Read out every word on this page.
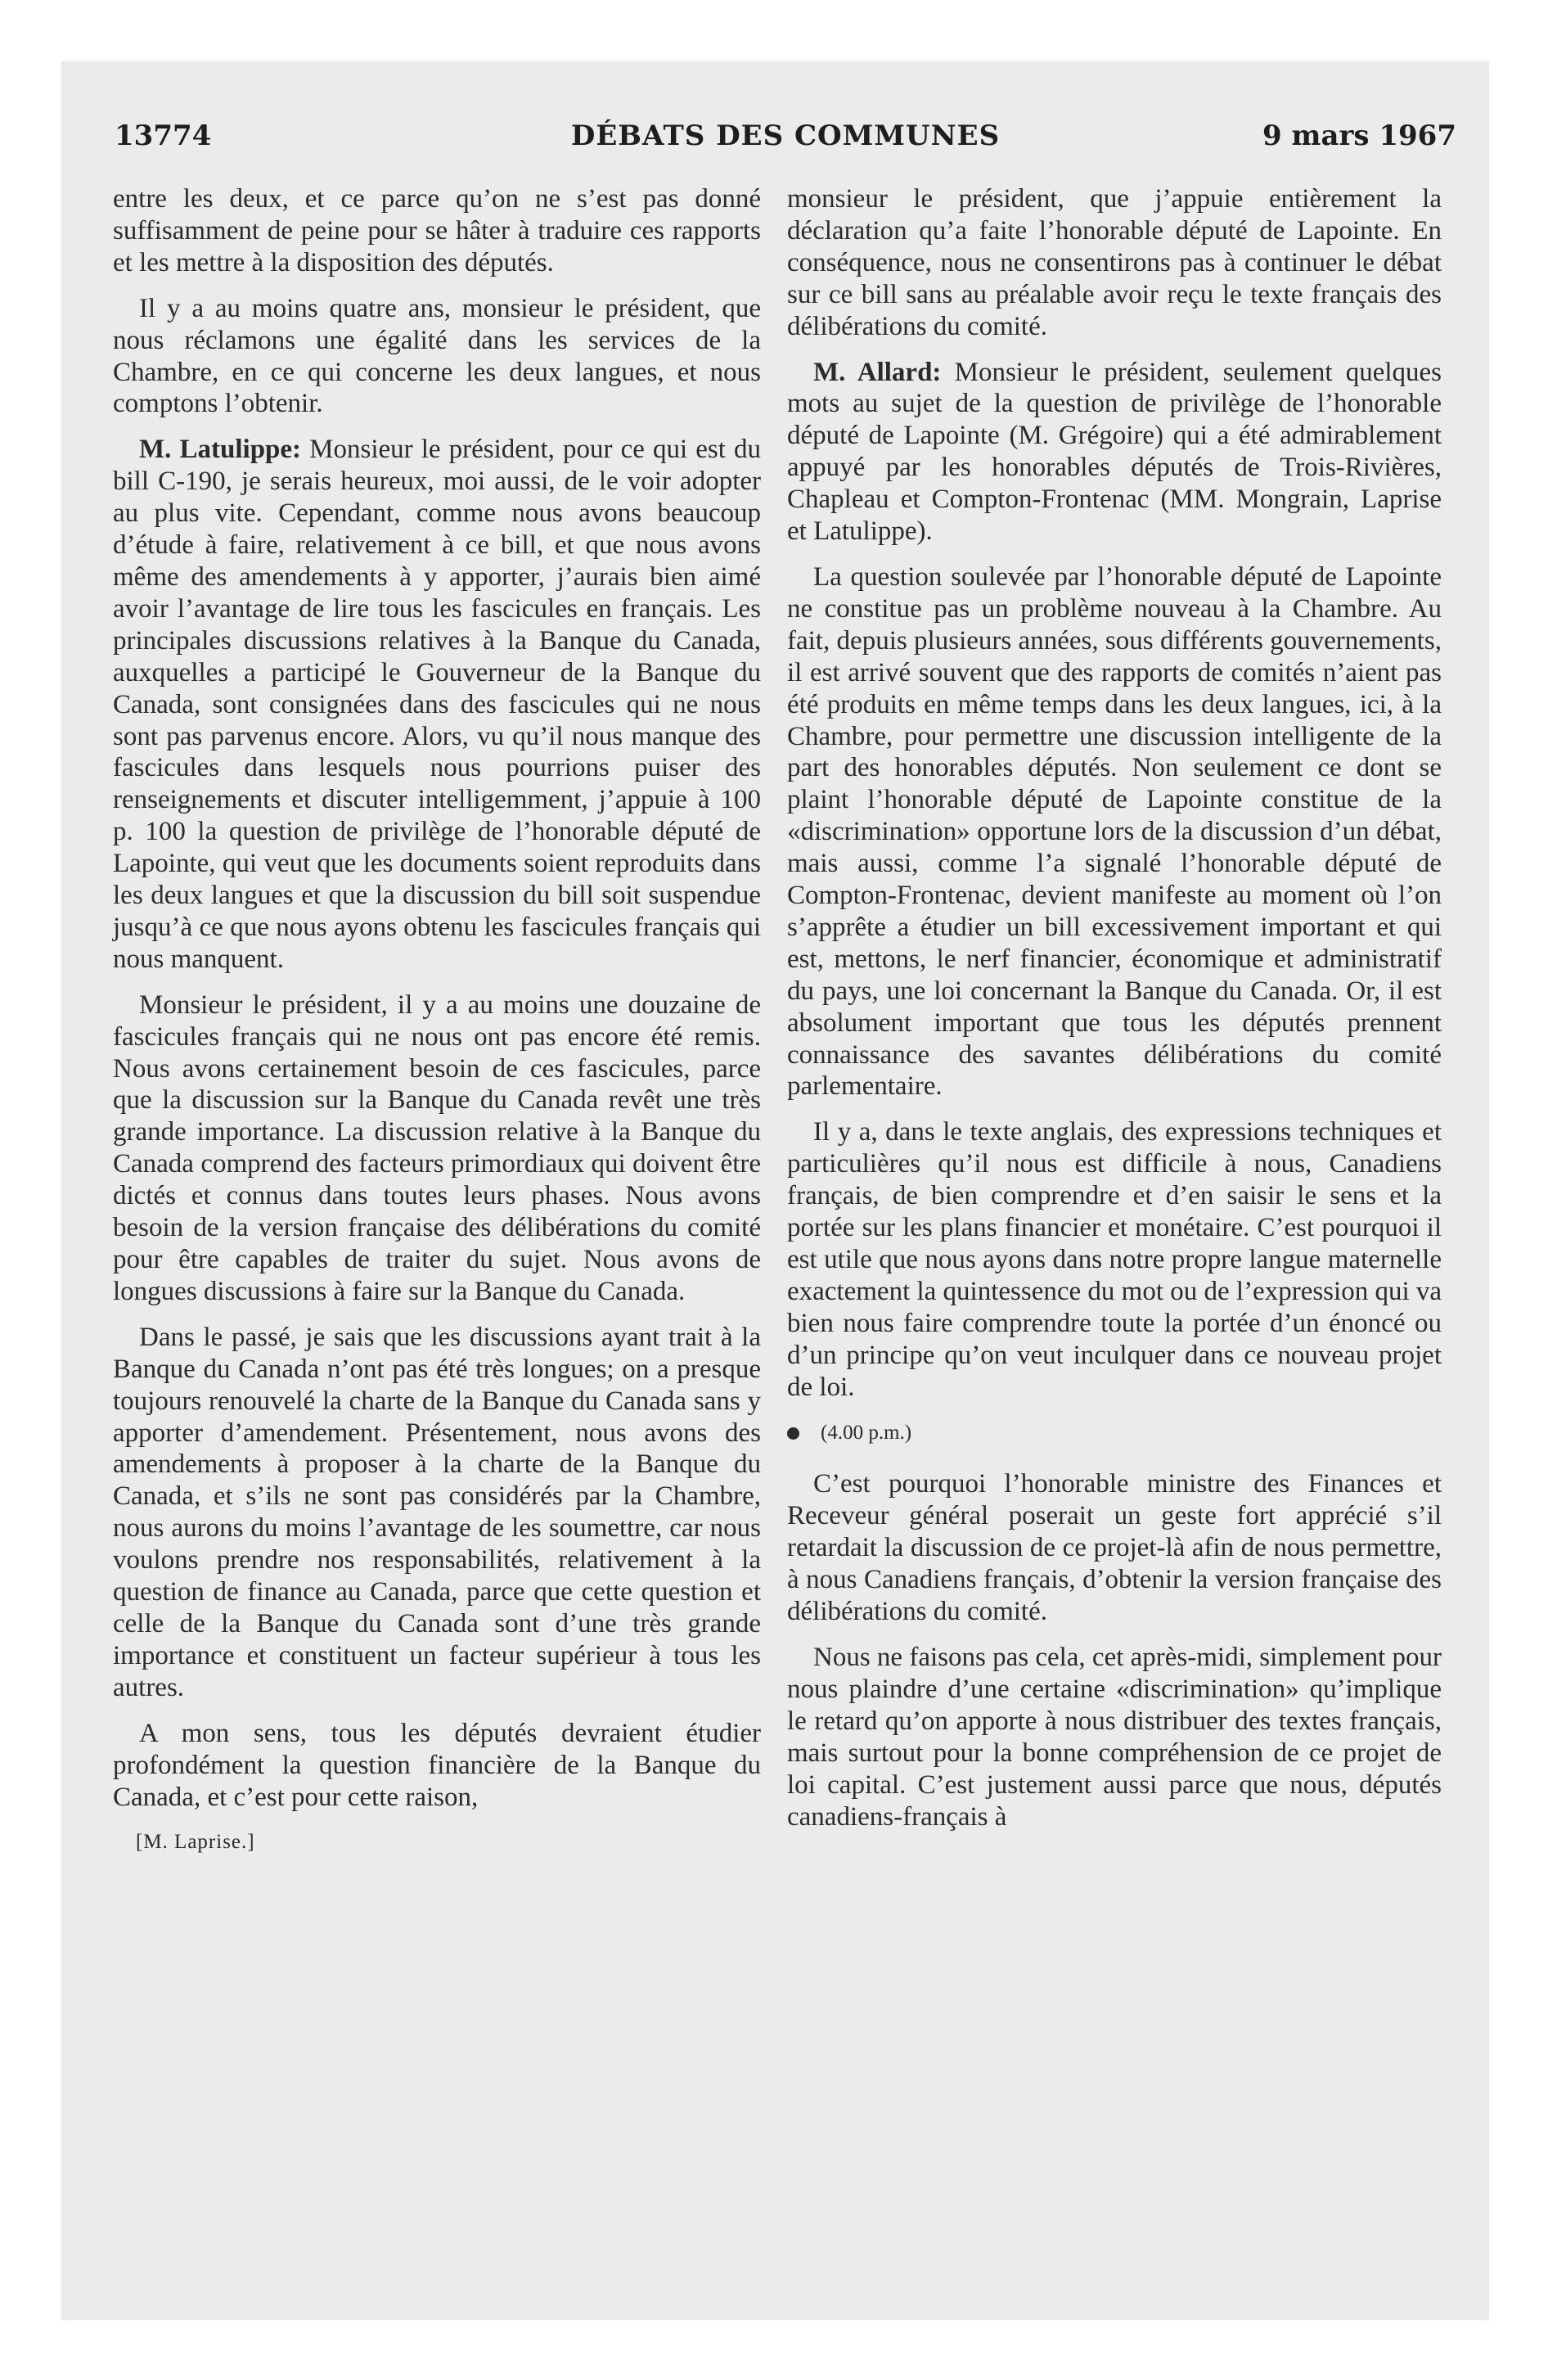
13774	DÉBATS DES COMMUNES	9 mars 1967

entre les deux, et ce parce qu’on ne s’est pas donné suffisamment de peine pour se hâter à traduire ces rapports et les mettre à la disposition des députés.

Il y a au moins quatre ans, monsieur le président, que nous réclamons une égalité dans les services de la Chambre, en ce qui concerne les deux langues, et nous comptons l’obtenir.

M. Latulippe: Monsieur le président, pour ce qui est du bill C-190, je serais heureux, moi aussi, de le voir adopter au plus vite. Cependant, comme nous avons beaucoup d’étude à faire, relativement à ce bill, et que nous avons même des amendements à y apporter, j’aurais bien aimé avoir l’avantage de lire tous les fascicules en français. Les principales discussions relatives à la Banque du Canada, auxquelles a participé le Gouverneur de la Banque du Canada, sont consignées dans des fascicules qui ne nous sont pas parvenus encore. Alors, vu qu’il nous manque des fascicules dans lesquels nous pourrions puiser des renseignements et discuter intelligemment, j’appuie à 100 p. 100 la question de privilège de l’honorable député de Lapointe, qui veut que les documents soient reproduits dans les deux langues et que la discussion du bill soit suspendue jusqu’à ce que nous ayons obtenu les fascicules français qui nous manquent.

Monsieur le président, il y a au moins une douzaine de fascicules français qui ne nous ont pas encore été remis. Nous avons certainement besoin de ces fascicules, parce que la discussion sur la Banque du Canada revêt une très grande importance. La discussion relative à la Banque du Canada comprend des facteurs primordiaux qui doivent être dictés et connus dans toutes leurs phases. Nous avons besoin de la version française des délibérations du comité pour être capables de traiter du sujet. Nous avons de longues discussions à faire sur la Banque du Canada.

Dans le passé, je sais que les discussions ayant trait à la Banque du Canada n’ont pas été très longues; on a presque toujours renouvelé la charte de la Banque du Canada sans y apporter d’amendement. Présentement, nous avons des amendements à proposer à la charte de la Banque du Canada, et s’ils ne sont pas considérés par la Chambre, nous aurons du moins l’avantage de les soumettre, car nous voulons prendre nos responsabilités, relativement à la question de finance au Canada, parce que cette question et celle de la Banque du Canada sont d’une très grande importance et constituent un facteur supérieur à tous les autres.

A mon sens, tous les députés devraient étudier profondément la question financière de la Banque du Canada, et c’est pour cette raison,

[M. Laprise.]

monsieur le président, que j’appuie entièrement la déclaration qu’a faite l’honorable député de Lapointe. En conséquence, nous ne consentirons pas à continuer le débat sur ce bill sans au préalable avoir reçu le texte français des délibérations du comité.

M. Allard: Monsieur le président, seulement quelques mots au sujet de la question de privilège de l’honorable député de Lapointe (M. Grégoire) qui a été admirablement appuyé par les honorables députés de Trois-Rivières, Chapleau et Compton-Frontenac (MM. Mongrain, Laprise et Latulippe).

La question soulevée par l’honorable député de Lapointe ne constitue pas un problème nouveau à la Chambre. Au fait, depuis plusieurs années, sous différents gouvernements, il est arrivé souvent que des rapports de comités n’aient pas été produits en même temps dans les deux langues, ici, à la Chambre, pour permettre une discussion intelligente de la part des honorables députés. Non seulement ce dont se plaint l’honorable député de Lapointe constitue de la «discrimination» opportune lors de la discussion d’un débat, mais aussi, comme l’a signalé l’honorable député de Compton-Frontenac, devient manifeste au moment où l’on s’apprête a étudier un bill excessivement important et qui est, mettons, le nerf financier, économique et administratif du pays, une loi concernant la Banque du Canada. Or, il est absolument important que tous les députés prennent connaissance des savantes délibérations du comité parlementaire.

Il y a, dans le texte anglais, des expressions techniques et particulières qu’il nous est difficile à nous, Canadiens français, de bien comprendre et d’en saisir le sens et la portée sur les plans financier et monétaire. C’est pourquoi il est utile que nous ayons dans notre propre langue maternelle exactement la quintessence du mot ou de l’expression qui va bien nous faire comprendre toute la portée d’un énoncé ou d’un principe qu’on veut inculquer dans ce nouveau projet de loi.

(4.00 p.m.)

C’est pourquoi l’honorable ministre des Finances et Receveur général poserait un geste fort apprécié s’il retardait la discussion de ce projet-là afin de nous permettre, à nous Canadiens français, d’obtenir la version française des délibérations du comité.

Nous ne faisons pas cela, cet après-midi, simplement pour nous plaindre d’une certaine «discrimination» qu’implique le retard qu’on apporte à nous distribuer des textes français, mais surtout pour la bonne compréhension de ce projet de loi capital. C’est justement aussi parce que nous, députés canadiens-français à
